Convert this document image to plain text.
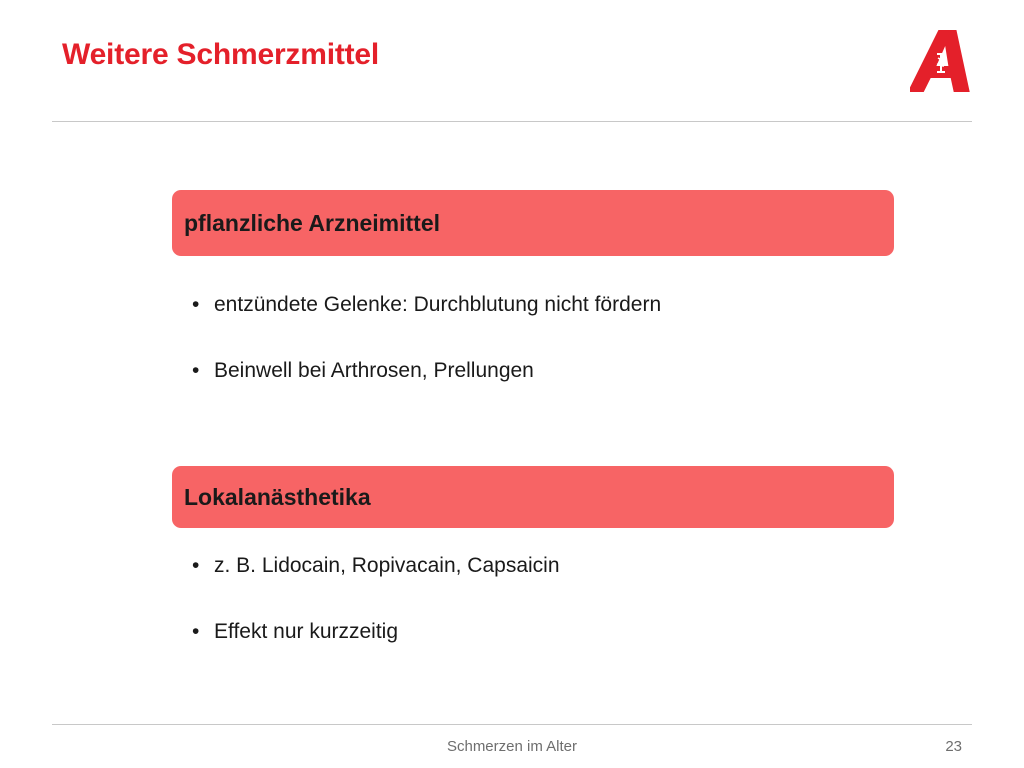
Weitere Schmerzmittel
pflanzliche Arzneimittel
• entzündete Gelenke: Durchblutung nicht fördern
• Beinwell bei Arthrosen, Prellungen
Lokalanästhetika
• z. B. Lidocain, Ropivacain, Capsaicin
• Effekt nur kurzzeitig
Schmerzen im Alter	23
